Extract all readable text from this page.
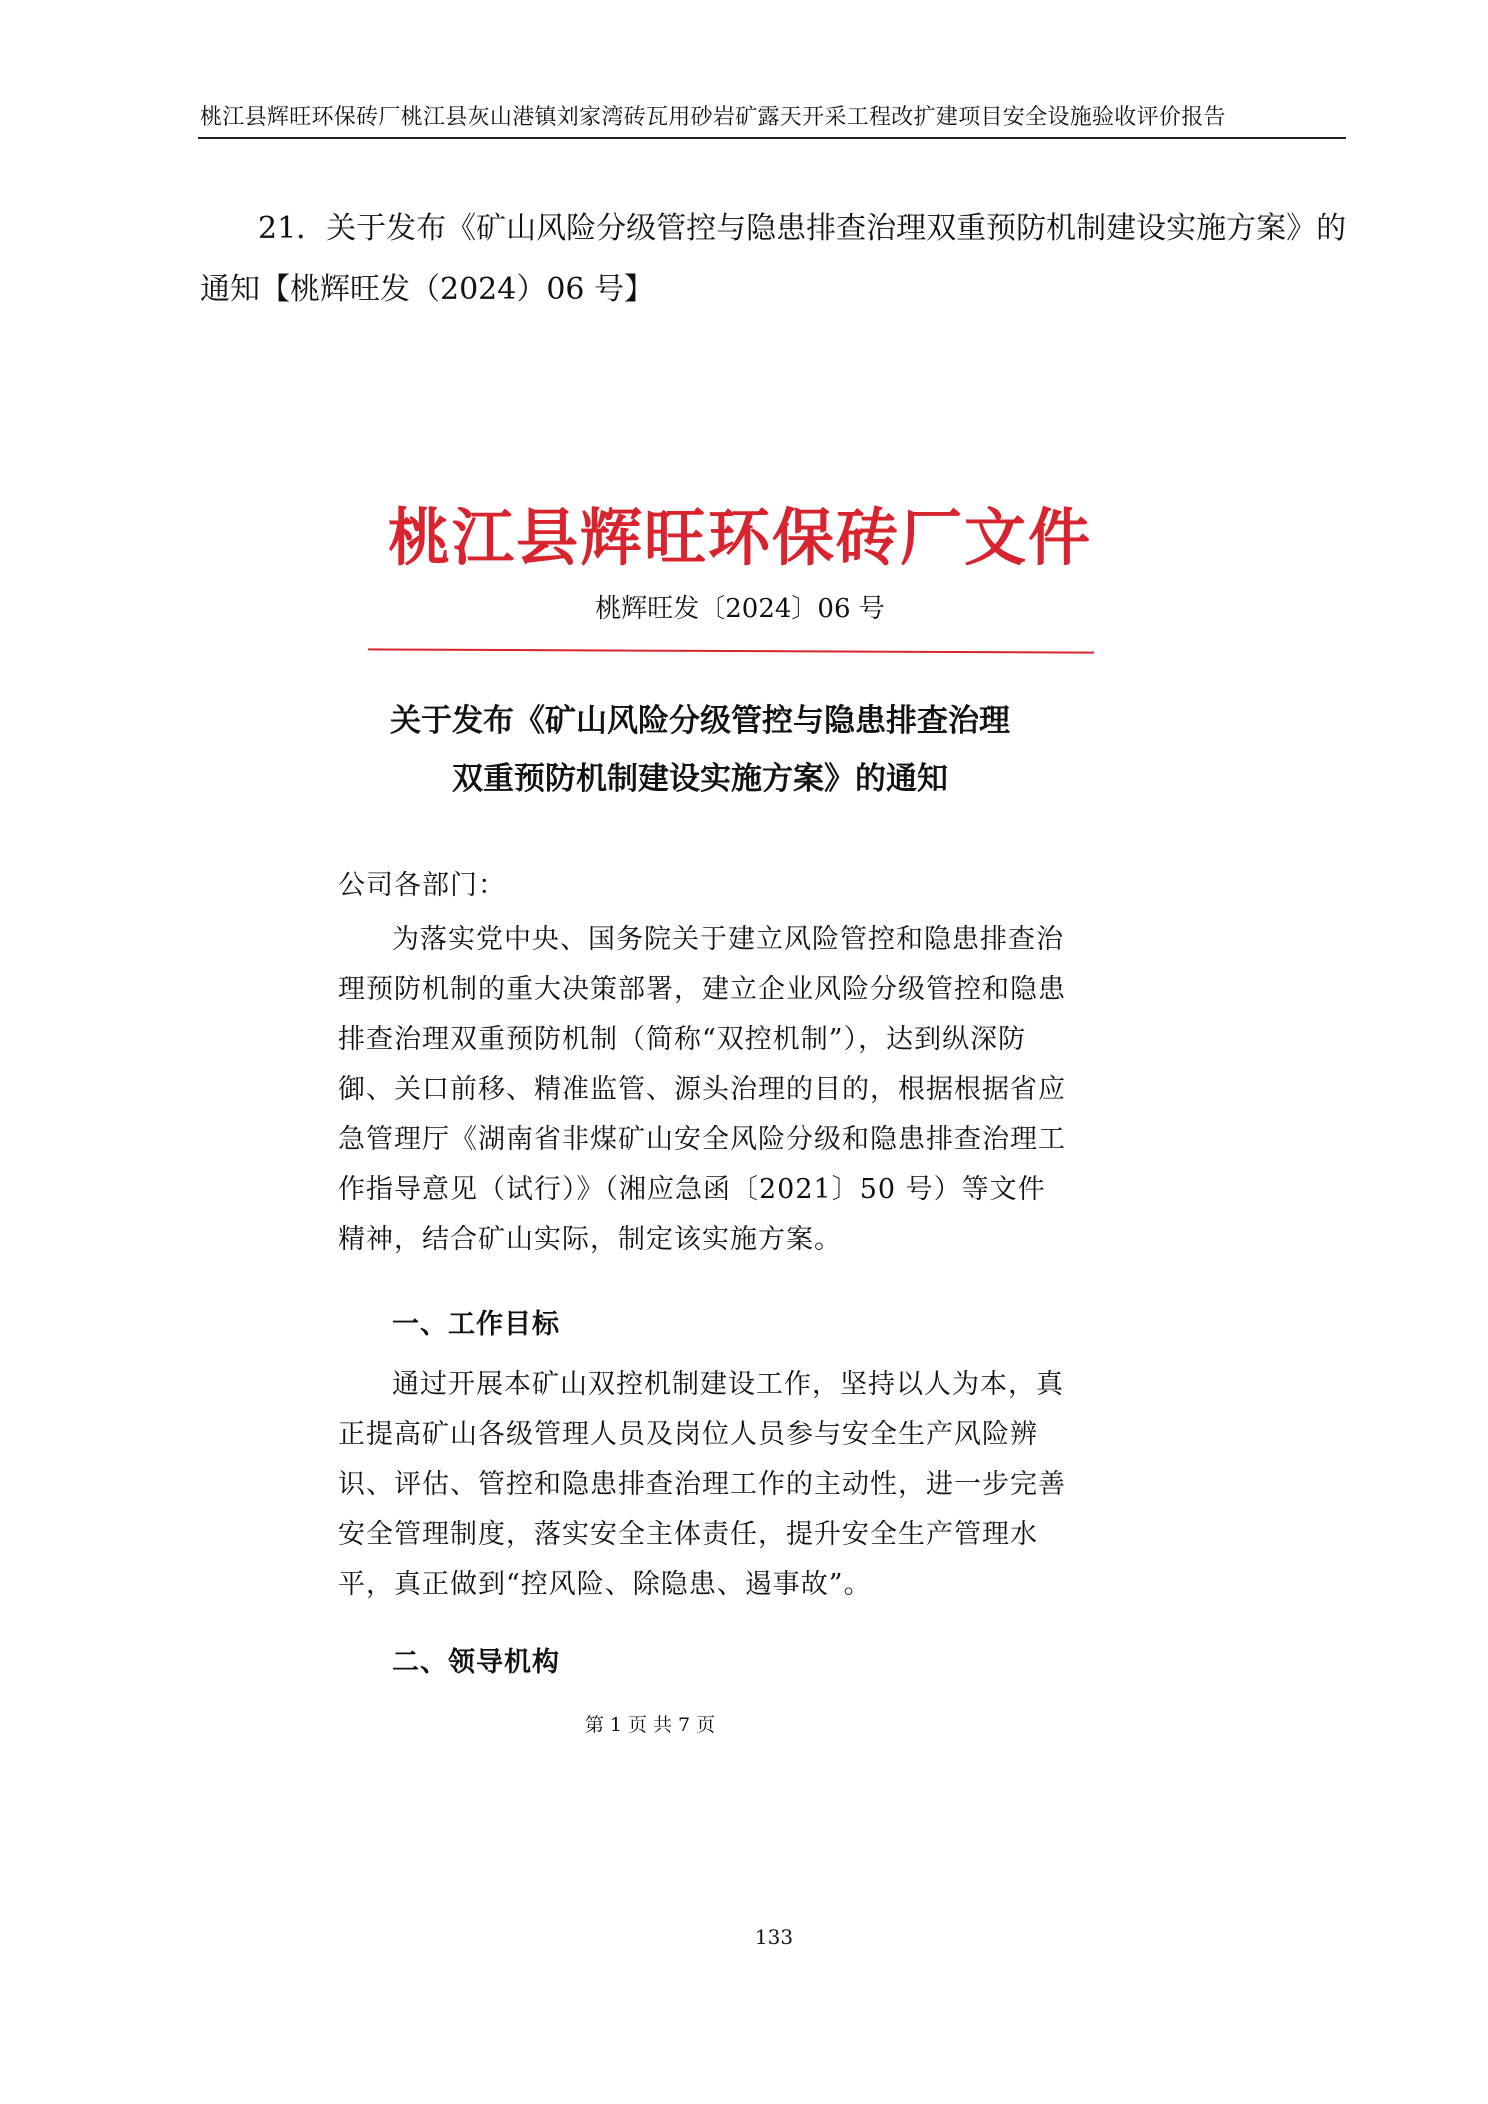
桃江县辉旺环保砖厂桃江县灰山港镇刘家湾砖瓦用砂岩矿露天开采工程改扩建项目安全设施验收评价报告
21．关于发布《矿山风险分级管控与隐患排查治理双重预防机制建设实施方案》的通知【桃辉旺发（2024）06 号】
桃江县辉旺环保砖厂文件
桃辉旺发〔2024〕06 号
关于发布《矿山风险分级管控与隐患排查治理
双重预防机制建设实施方案》的通知
公司各部门：
为落实党中央、国务院关于建立风险管控和隐患排查治理预防机制的重大决策部署，建立企业风险分级管控和隐患排查治理双重预防机制（简称“双控机制”），达到纵深防御、关口前移、精准监管、源头治理的目的，根据根据省应急管理厅《湖南省非煤矿山安全风险分级和隐患排查治理工作指导意见（试行）》（湘应急函〔2021〕50 号）等文件精神，结合矿山实际，制定该实施方案。
一、工作目标
通过开展本矿山双控机制建设工作，坚持以人为本，真正提高矿山各级管理人员及岗位人员参与安全生产风险辨识、评估、管控和隐患排查治理工作的主动性，进一步完善安全管理制度，落实安全主体责任，提升安全生产管理水平，真正做到“控风险、除隐患、遏事故”。
二、领导机构
第 1 页 共 7 页
133
